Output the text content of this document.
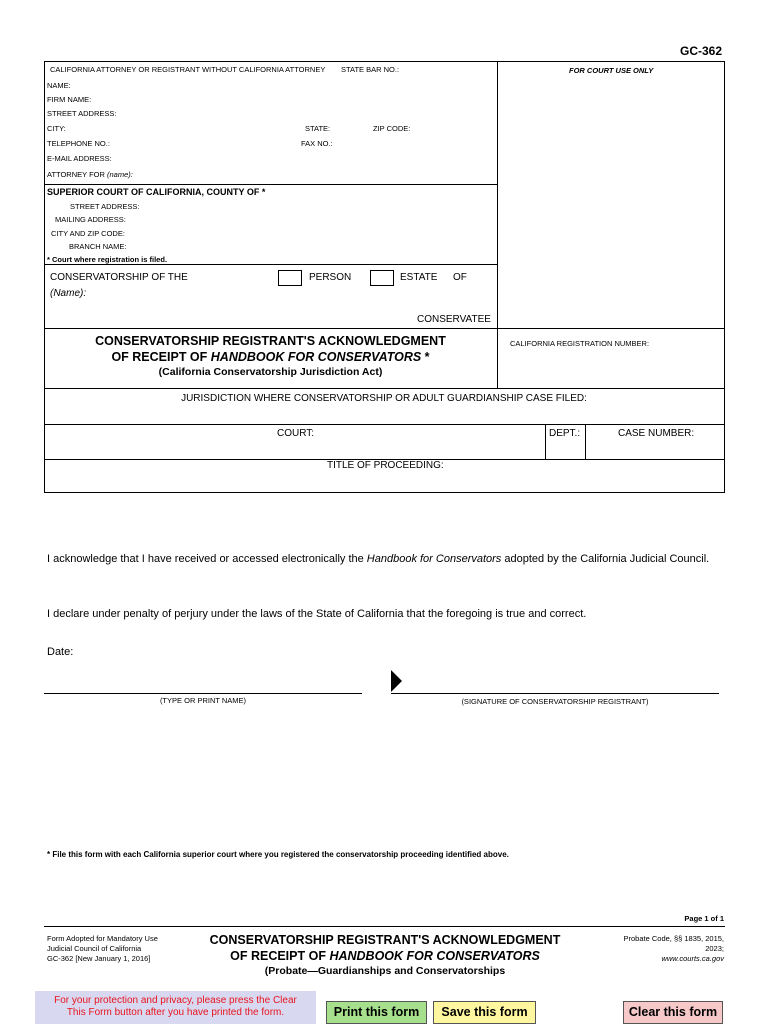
GC-362
CALIFORNIA ATTORNEY OR REGISTRANT WITHOUT CALIFORNIA ATTORNEY STATE BAR NO.:	FOR COURT USE ONLY
NAME:
FIRM NAME:
STREET ADDRESS:
CITY:	STATE:	ZIP CODE:
TELEPHONE NO.:	FAX NO.:
E-MAIL ADDRESS:
ATTORNEY FOR (name):
SUPERIOR COURT OF CALIFORNIA, COUNTY OF *
STREET ADDRESS:
MAILING ADDRESS:
CITY AND ZIP CODE:
BRANCH NAME:
* Court where registration is filed.
CONSERVATORSHIP OF THE	PERSON	ESTATE OF
(Name):
CONSERVATEE
CONSERVATORSHIP REGISTRANT'S ACKNOWLEDGMENT
OF RECEIPT OF HANDBOOK FOR CONSERVATORS *
(California Conservatorship Jurisdiction Act)
CALIFORNIA REGISTRATION NUMBER:
JURISDICTION WHERE CONSERVATORSHIP OR ADULT GUARDIANSHIP CASE FILED:
COURT:	DEPT.:	CASE NUMBER:
TITLE OF PROCEEDING:
I acknowledge that I have received or accessed electronically the Handbook for Conservators adopted by the California Judicial Council.
I declare under penalty of perjury under the laws of the State of California that the foregoing is true and correct.
Date:
(TYPE OR PRINT NAME)	(SIGNATURE OF CONSERVATORSHIP REGISTRANT)
* File this form with each California superior court where you registered the conservatorship proceeding identified above.
Page 1 of 1
Form Adopted for Mandatory Use
Judicial Council of California
GC-362 [New January 1, 2016]
CONSERVATORSHIP REGISTRANT'S ACKNOWLEDGMENT
OF RECEIPT OF HANDBOOK FOR CONSERVATORS
(Probate—Guardianships and Conservatorships
Probate Code, §§ 1835, 2015,
2023;
www.courts.ca.gov
For your protection and privacy, please press the Clear
This Form button after you have printed the form.	Print this form	Save this form	Clear this form
